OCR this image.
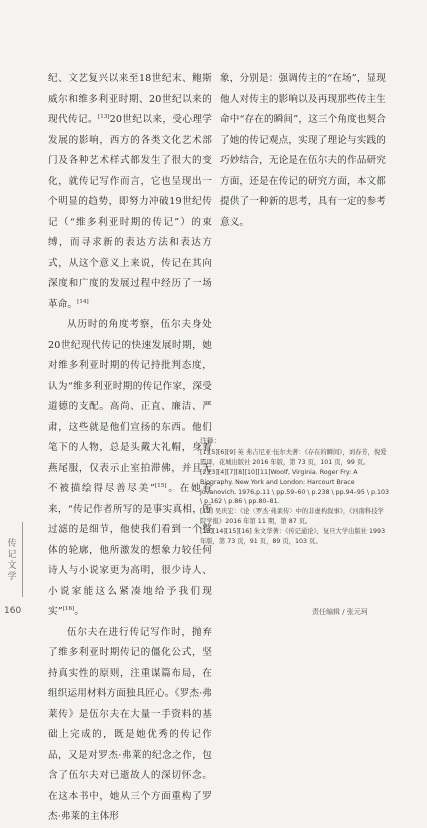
纪、文艺复兴以来至18世纪末、鲍斯威尔和维多利亚时期、20世纪以来的现代传记。[13]20世纪以来，受心理学发展的影响，西方的各类文化艺术部门及各种艺术样式都发生了很大的变化，就传记写作而言，它也呈现出一个明显的趋势，即努力冲破19世纪传记（“维多利亚时期的传记”）的束缚，而寻求新的表达方法和表达方式，从这个意义上来说，传记在其向深度和广度的发展过程中经历了一场革命。[14]

从历时的角度考察，伍尔夫身处20世纪现代传记的快速发展时期，她对维多利亚时期的传记持批判态度，认为“维多利亚时期的传记作家，深受道德的支配。高尚、正直、廉洁、严肃，这些就是他们宣扬的东西。他们笔下的人物，总是头戴大礼帽，身着燕尾服，仅表示止室拍滞佛，并且无不被描绘得尽善尽美”[15]。在她看来，“传记作者所写的是事实真相，所过滤的是细节，他使我们看到一个整体的轮廓，他所激发的想象力较任何诗人与小说家更为高明，很少诗人、小说家能这么紧凑地给予我们现实”[16]。

伍尔夫在进行传记写作时，抛弃了维多利亚时期传记的僵化公式，坚持真实性的原则，注重谋篇布局，在组织运用材料方面独具匠心。《罗杰·弗莱传》是伍尔夫在大量一手资料的基础上完成的，既是她优秀的传记作品，又是对罗杰·弗莱的纪念之作，包含了伍尔夫对已逝故人的深切怀念。在这本书中，她从三个方面重构了罗杰·弗莱的主体形

象，分别是：强调传主的“在场”，显现他人对传主的影响以及再现那些传主生命中“存在的瞬间”，这三个角度也契合了她的传记观点，实现了理论与实践的巧妙结合，无论是在伍尔夫的作品研究方面，还是在传记的研究方面，本文都提供了一种新的思考，具有一定的参考意义。

注释：
[1][5][6][9] 英 弗吉尼亚·伍尔夫著：《存在的瞬间》，刘春芳，倪爱霞译，花城出版社 2016 年版，第 73 页，101 页，99 页。
[2][3][4][7][8][10][11]Woolf, Virginia. Roger Fry: A Biography. New York and London: Harcourt Brace Jovanovich, 1976,p.11 \ pp.59–60 \ p.238 \ pp.94–95 \ p.103 \ p.162 \ p.86 \ pp.80–81.
[12] 吴庆宏：《论〈罗杰·弗莱传〉中的非虚构叙事》，《河南科技学院学报》2016 年第 11 期，第 87 页。
[13][14][15][16] 朱文华著：《传记通论》，复旦大学出版社 1993 年版，第 73 页，91 页，89 页，103 页。
传记文学
160	责任编辑 / 张元珂
